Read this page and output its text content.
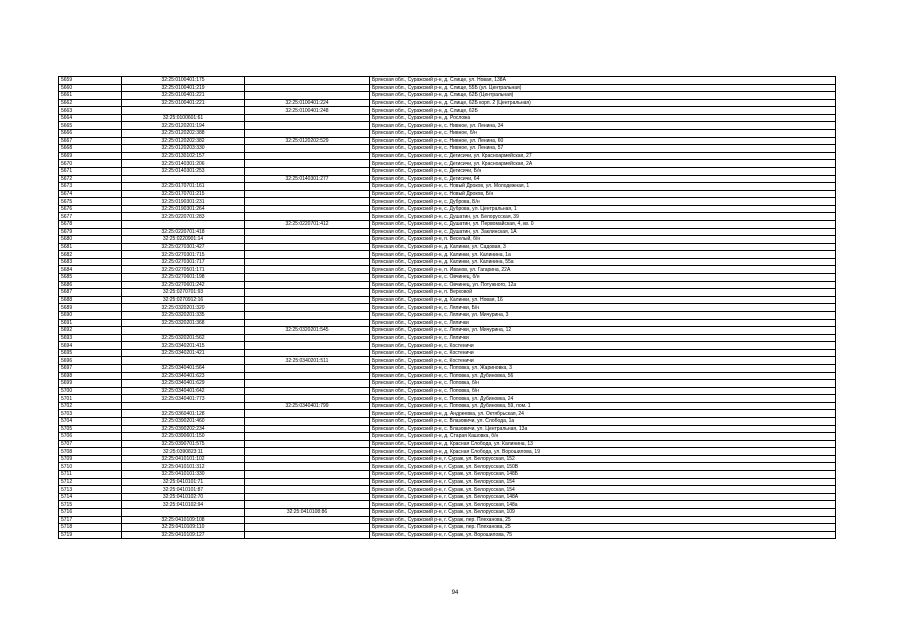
5659	32:25:0100401:175		Брянская обл., Суражский р-н, д. Слище, ул. Новая, 138А
5660	32:25:0100401:219		Брянская обл., Суражский р-н, д. Слище, 55Б (ул. Центральная)
5661	32:25:0100401:221		Брянская обл., Суражский р-н, д. Слище, 62Б (Центральная)
5662	32:25:0100401:221	32:25:0100401:224	Брянская обл., Суражский р-н, д. Слище, 62Б корп. 2 (Центральная)
5663		32:25:0100401:248	Брянская обл., Суражский р-н, д. Слище, 62Б
5664	32:25:0100601:61		Брянская обл., Суражский р-н, д. Росложа
5665	32:25:0120201:194		Брянская обл., Суражский р-н, с. Нивное, ул. Ленина, 34
5666	32:25:0120202:388		Брянская обл., Суражский р-н, с. Нивное, б/н
5667	32:25:0120202:382	32:25:0120202:529	Брянская обл., Суражский р-н, с. Нивное, ул. Ленина, 60
5668	32:25:0120203:330		Брянская обл., Суражский р-н, с. Нивное, ул. Ленина, 57
5669	32:25:0130102:157		Брянская обл., Суражский р-н, с. Дегисичи, ул. Красноармейская, 27
5670	32:25:0140301:206		Брянская обл., Суражский р-н, с. Дегисичи, ул. Красноармейская, 2А
5671	32:25:0140301:253		Брянская обл., Суражский р-н, с. Дегисичи, Б/н
5672		32:25:0140301:277	Брянская обл., Суражский р-н, с. Дегисичи, 64
5673	32:25:0170701:161		Брянская обл., Суражский р-н, с. Новый Дроков, ул. Молодежная, 1
5674	32:25:0170701:215		Брянская обл., Суражский р-н, с. Новый Дроков, Б/н
5675	32:25:0190301:231		Брянская обл., Суражский р-н, с. Дуброва, Б/н
5676	32:25:0190301:264		Брянская обл., Суражский р-н, с. Дуброва, ул. Центральная, 1
5677	32:25:0220701:283		Брянская обл., Суражский р-н, с. Душатин, ул. Белорусская, 39
5678		32:25:0220701:412	Брянская обл., Суражский р-н, с. Душатин, ул. Первомайская, 4, кв. 0
5679	32:25:0220701:418		Брянская обл., Суражский р-н, с. Душатин, ул. Заклинская, 1А
5680	32:25:0220901:14		Брянская обл., Суражский р-н, п. Веселый, б/н
5681	32:25:0270301:427		Брянская обл., Суражский р-н, д. Калинки, ул. Садовая, 3
5682	32:25:0270301:715		Брянская обл., Суражский р-н, д. Калинки, ул. Калинина, 1а
5683	32:25:0270301:717		Брянская обл., Суражский р-н, д. Калинки, ул. Калинина, 55а
5684	32:25:0270501:171		Брянская обл., Суражский р-н, п. Иванов, ул. Гагарина, 22А
5685	32:25:0270601:198		Брянская обл., Суражский р-н, с. Овчинец, б/н
5686	32:25:0270601:242		Брянская обл., Суражский р-н, с. Овчинец, ул. Потужного, 12а
5687	32:25:0270701:93		Брянская обл., Суражский р-н, п. Верховой
5688	32:25:0270912:16		Брянская обл., Суражский р-н, д. Калинки, ул. Новая, 16
5689	32:25:0320201:320		Брянская обл., Суражский р-н, с. Лялички, Б/н
5690	32:25:0320201:335		Брянская обл., Суражский р-н, с. Лялички, ул. Мичурина, 3
5691	32:25:0320201:368		Брянская обл., Суражский р-н, с. Лялички
5692		32:25:0320201:545	Брянская обл., Суражский р-н, с. Лялички, ул. Мичурина, 12
5693	32:25:0320201:562		Брянская обл., Суражский р-н, с. Лялички
5694	32:25:0340201:415		Брянская обл., Суражский р-н, с. Костеничи
5695	32:25:0340201:421		Брянская обл., Суражский р-н, с. Костеничи
5696		32:25:0340201:511	Брянская обл., Суражский р-н, с. Костеничи
5697	32:25:0340401:564		Брянская обл., Суражский р-н, с. Поповка, ул. Жариновка, 3
5698	32:25:0340401:623		Брянская обл., Суражский р-н, с. Поповка, ул. Дубиновка, 56
5699	32:25:0340401:629		Брянская обл., Суражский р-н, с. Поповка, б/н
5700	32:25:0340401:642		Брянская обл., Суражский р-н, с. Поповка, б/н
5701	32:25:0340401:773		Брянская обл., Суражский р-н, с. Поповка, ул. Дубиновка, 24
5702		32:25:0340401:799	Брянская обл., Суражский р-н, с. Поповка, ул. Дубиновка, 59, пом. 1
5703	32:25:0360401:128		Брянская обл., Суражский р-н, д. Андреевка, ул. Октябрьская, 24
5704	32:25:0390201:460		Брянская обл., Суражский р-н, с. Влазовичи, ул. Слобода, 1а
5705	32:25:0390202:234		Брянская обл., Суражский р-н, с. Влазовичи, ул. Центральная, 13а
5706	32:25:0390601:150		Брянская обл., Суражский р-н, д. Старая Кашовка, б/н
5707	32:25:0390701:575		Брянская обл., Суражский р-н, д. Красная Слобода, ул. Калинина, 13
5708	32:25:0390823:11		Брянская обл., Суражский р-н, д. Красная Слобода, ул. Ворошилова, 19
5709	32:25:0410101:102		Брянская обл., Суражский р-н, г. Сураж, ул. Белорусская, 152
5710	32:25:0410101:312		Брянская обл., Суражский р-н, г. Сураж, ул. Белорусская, 150В
5711	32:25:0410101:330		Брянская обл., Суражский р-н, г. Сураж, ул. Белорусская, 148Б
5712	32:25:0410101:71		Брянская обл., Суражский р-н, г. Сураж, ул. Белорусская, 154
5713	32:25:0410101:87		Брянская обл., Суражский р-н, г. Сураж, ул. Белорусская, 154
5714	32:25:0410102:70		Брянская обл., Суражский р-н, г. Сураж, ул. Белорусская, 148А
5715	32:25:0410102:94		Брянская обл., Суражский р-н, г. Сураж, ул. Белорусская, 148а
5716		32:25:0410108:86	Брянская обл., Суражский р-н, г. Сураж, ул. Белорусская, 109
5717	32:25:0410109:108		Брянская обл., Суражский р-н, г. Сураж, пер. Плеханова, 25
5718	32:25:0410109:110		Брянская обл., Суражский р-н, г. Сураж, пер. Плеханова, 25
5719	32:25:0410109:127		Брянская обл., Суражский р-н, г. Сураж, ул. Ворошилова, 75
94
